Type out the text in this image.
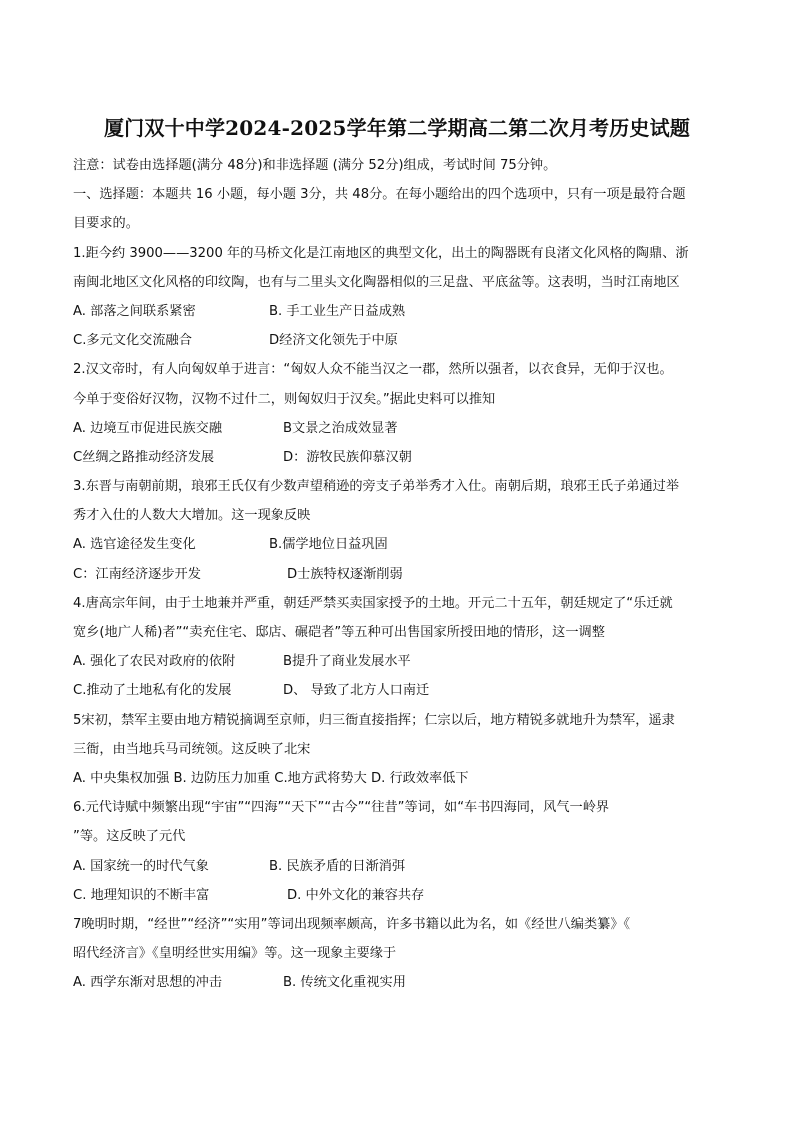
厦门双十中学2024-2025学年第二学期高二第二次月考历史试题
注意：试卷由选择题(满分 48分)和非选择题 (满分 52分)组成，考试时间 75分钟。
一、选择题：本题共 16 小题，每小题 3分，共 48分。在每小题给出的四个选项中，只有一项是最符合题
目要求的。
1.距今约 3900——3200 年的马桥文化是江南地区的典型文化，出土的陶器既有良渚文化风格的陶鼎、浙
南闽北地区文化风格的印纹陶，也有与二里头文化陶器相似的三足盘、平底盆等。这表明，当时江南地区
A. 部落之间联系紧密	B. 手工业生产日益成熟
C.多元文化交流融合	D经济文化领先于中原
2.汉文帝时，有人向匈奴单于进言：“匈奴人众不能当汉之一郡，然所以强者，以衣食异，无仰于汉也。
今单于变俗好汉物，汉物不过什二，则匈奴归于汉矣。”据此史料可以推知
A. 边境互市促进民族交融	B文景之治成效显著
C丝绸之路推动经济发展	D：游牧民族仰慕汉朝
3.东晋与南朝前期，琅邪王氏仅有少数声望稍逊的旁支子弟举秀才入仕。南朝后期，琅邪王氏子弟通过举
秀才入仕的人数大大增加。这一现象反映
A. 选官途径发生变化	B.儒学地位日益巩固
C：江南经济逐步开发	D士族特权逐渐削弱
4.唐高宗年间，由于土地兼并严重，朝廷严禁买卖国家授予的土地。开元二十五年，朝廷规定了“乐迁就
宽乡(地广人稀)者”“卖充住宅、邸店、碾硙者”等五种可出售国家所授田地的情形，这一调整
A. 强化了农民对政府的依附	B提升了商业发展水平
C.推动了土地私有化的发展	D、 导致了北方人口南迁
5宋初，禁军主要由地方精锐摘调至京师，归三衙直接指挥；仁宗以后，地方精锐多就地升为禁军，遥隶
三衙，由当地兵马司统领。这反映了北宋
A. 中央集权加强 B. 边防压力加重 C.地方武将势大 D. 行政效率低下
6.元代诗赋中频繁出现“宇宙”“四海”“天下”“古今”“往昔”等词，如“车书四海同，风气一岭界
”等。这反映了元代
A. 国家统一的时代气象	B. 民族矛盾的日渐消弭
C. 地理知识的不断丰富	D. 中外文化的兼容共存
7晚明时期，“经世”“经济”“实用”等词出现频率颇高，许多书籍以此为名，如《经世八编类纂》《
昭代经济言》《皇明经世实用编》等。这一现象主要缘于
A. 西学东渐对思想的冲击	B. 传统文化重视实用
